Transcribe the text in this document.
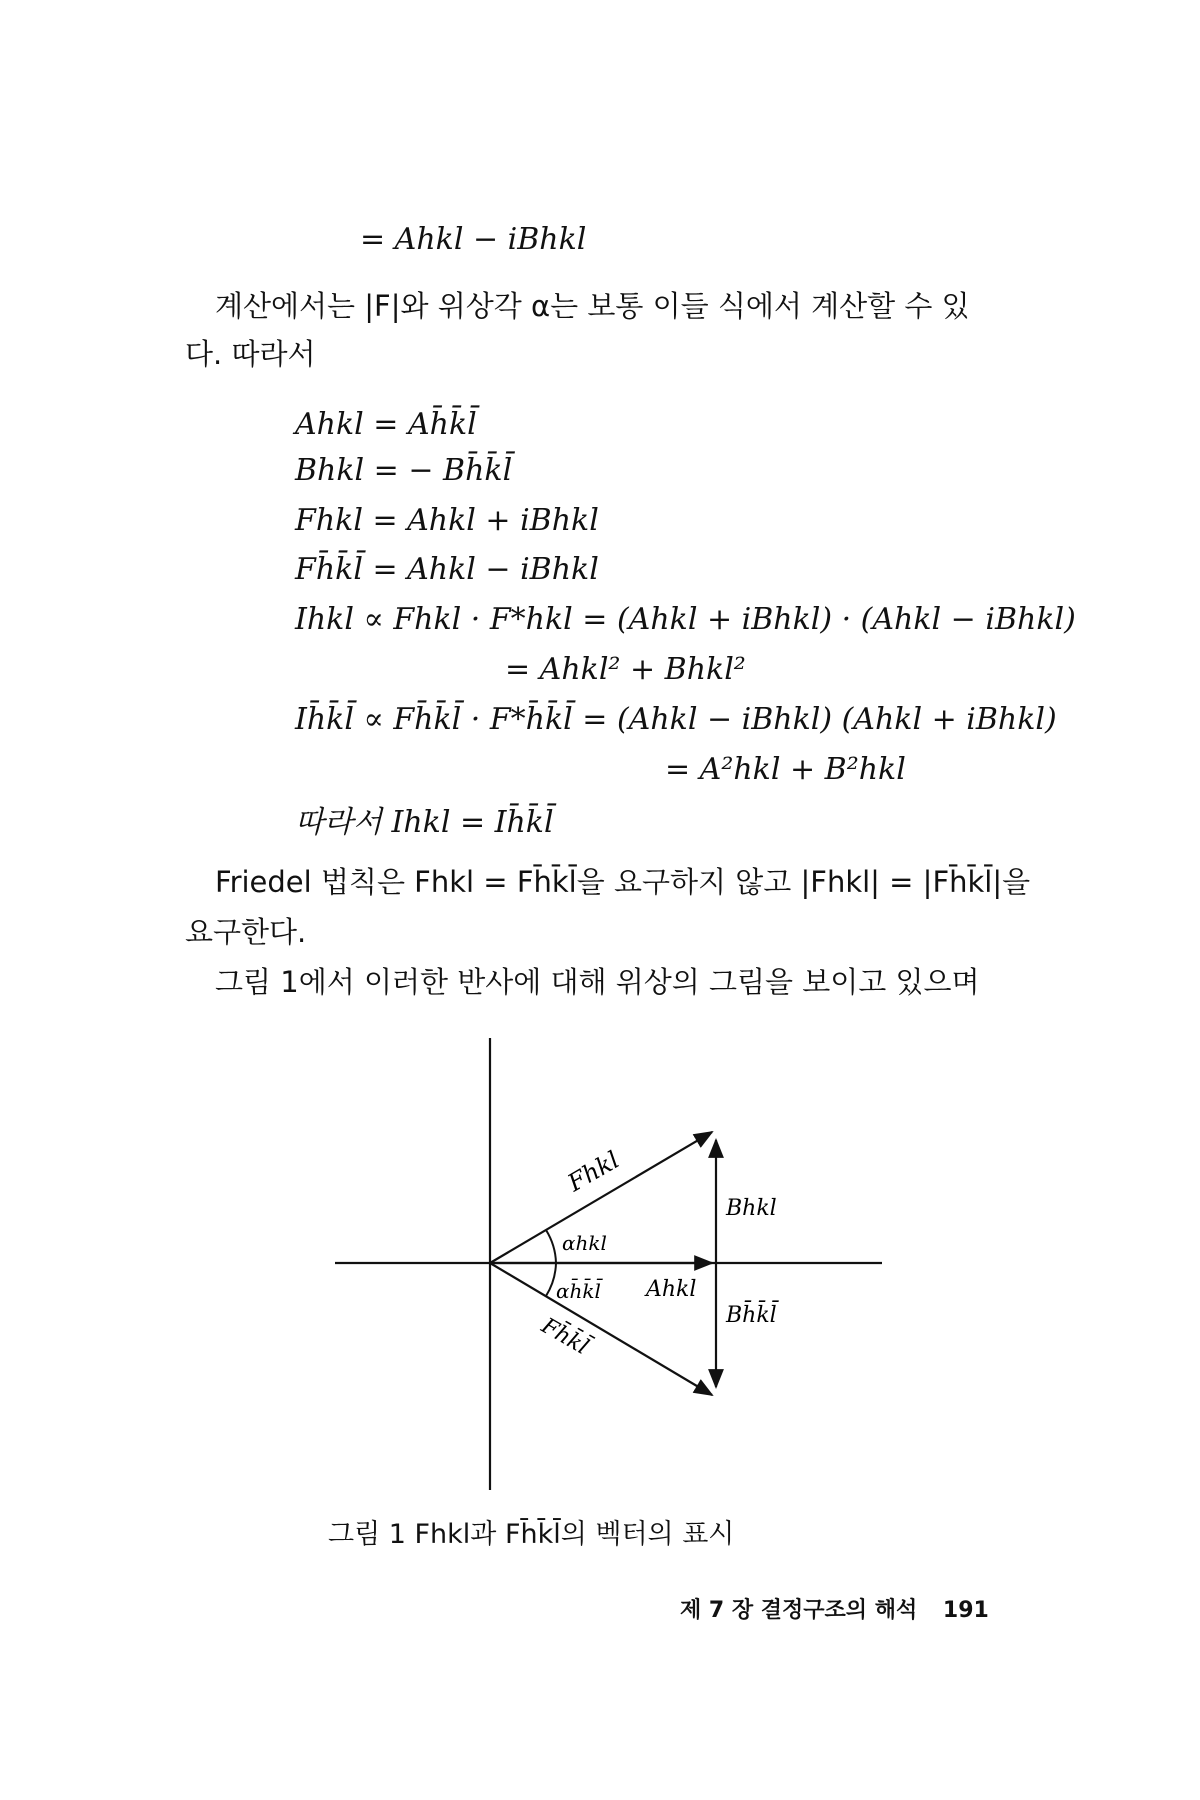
= Ahkl − iBhkl
계산에서는 |F|와 위상각 α는 보통 이들 식에서 계산할 수 있
다. 따라서
Ahkl = Ah̄k̄l̄
Bhkl = − Bh̄k̄l̄
Fhkl = Ahkl + iBhkl
Fh̄k̄l̄ = Ahkl − iBhkl
Ihkl ∝ Fhkl · F*hkl = (Ahkl + iBhkl) · (Ahkl − iBhkl)
= Ahkl² + Bhkl²
Ih̄k̄l̄ ∝ Fh̄k̄l̄ · F*h̄k̄l̄ = (Ahkl − iBhkl) (Ahkl + iBhkl)
= A²hkl + B²hkl
따라서 Ihkl = Ih̄k̄l̄
Friedel 법칙은 Fhkl = Fh̄k̄l̄을 요구하지 않고 |Fhkl| = |Fh̄k̄l̄|을
요구한다.
그림 1에서 이러한 반사에 대해 위상의 그림을 보이고 있으며
Fhkl
Bhkl
αhkl
αh̄k̄l̄ Ahkl
Bh̄k̄l̄
Fh̄k̄l̄
그림 1 Fhkl과 Fh̄k̄l̄의 벡터의 표시
제 7 장 결정구조의 해석 191
